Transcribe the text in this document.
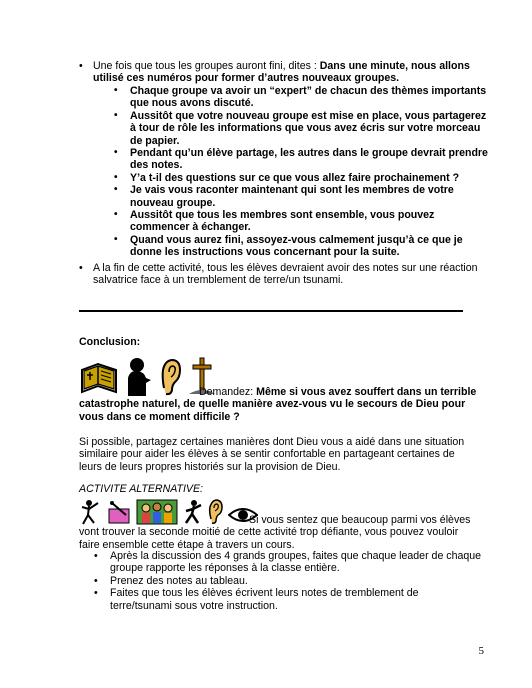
• Une fois que tous les groupes auront fini, dites : Dans une minute, nous allons utilisé ces numéros pour former d’autres nouveaux groupes.
• Chaque groupe va avoir un “expert” de chacun des thèmes importants que nous avons discuté.
• Aussitôt que votre nouveau groupe est mise en place, vous partagerez à tour de rôle les informations que vous avez écris sur votre morceau de papier.
• Pendant qu’un élève partage, les autres dans le groupe devrait prendre des notes.
• Y’a t-il des questions sur ce que vous allez faire prochainement ?
• Je vais vous raconter maintenant qui sont les membres de votre nouveau groupe.
• Aussitôt que tous les membres sont ensemble, vous pouvez commencer à échanger.
• Quand vous aurez fini, assoyez-vous calmement jusqu’à ce que je donne les instructions vous concernant pour la suite.
• A la fin de cette activité, tous les élèves devraient avoir des notes sur une réaction salvatrice face à un tremblement de terre/un tsunami.
Conclusion:
Demandez: Même si vous avez souffert dans un terrible catastrophe naturel, de quelle manière avez-vous vu le secours de Dieu pour vous dans ce moment difficile ?
Si possible, partagez certaines manières dont Dieu vous a aidé dans une situation similaire pour aider les élèves à se sentir confortable en partageant certaines de leurs de leurs propres historiés sur la provision de Dieu.
ACTIVITE ALTERNATIVE:
Si vous sentez que beaucoup parmi vos élèves vont trouver la seconde moitié de cette activité trop défiante, vous pouvez vouloir faire ensemble cette étape à travers un cours.
• Après la discussion des 4 grands groupes, faites que chaque leader de chaque groupe rapporte les réponses à la classe entière.
• Prenez des notes au tableau.
• Faites que tous les élèves écrivent leurs notes de tremblement de terre/tsunami sous votre instruction.
5
